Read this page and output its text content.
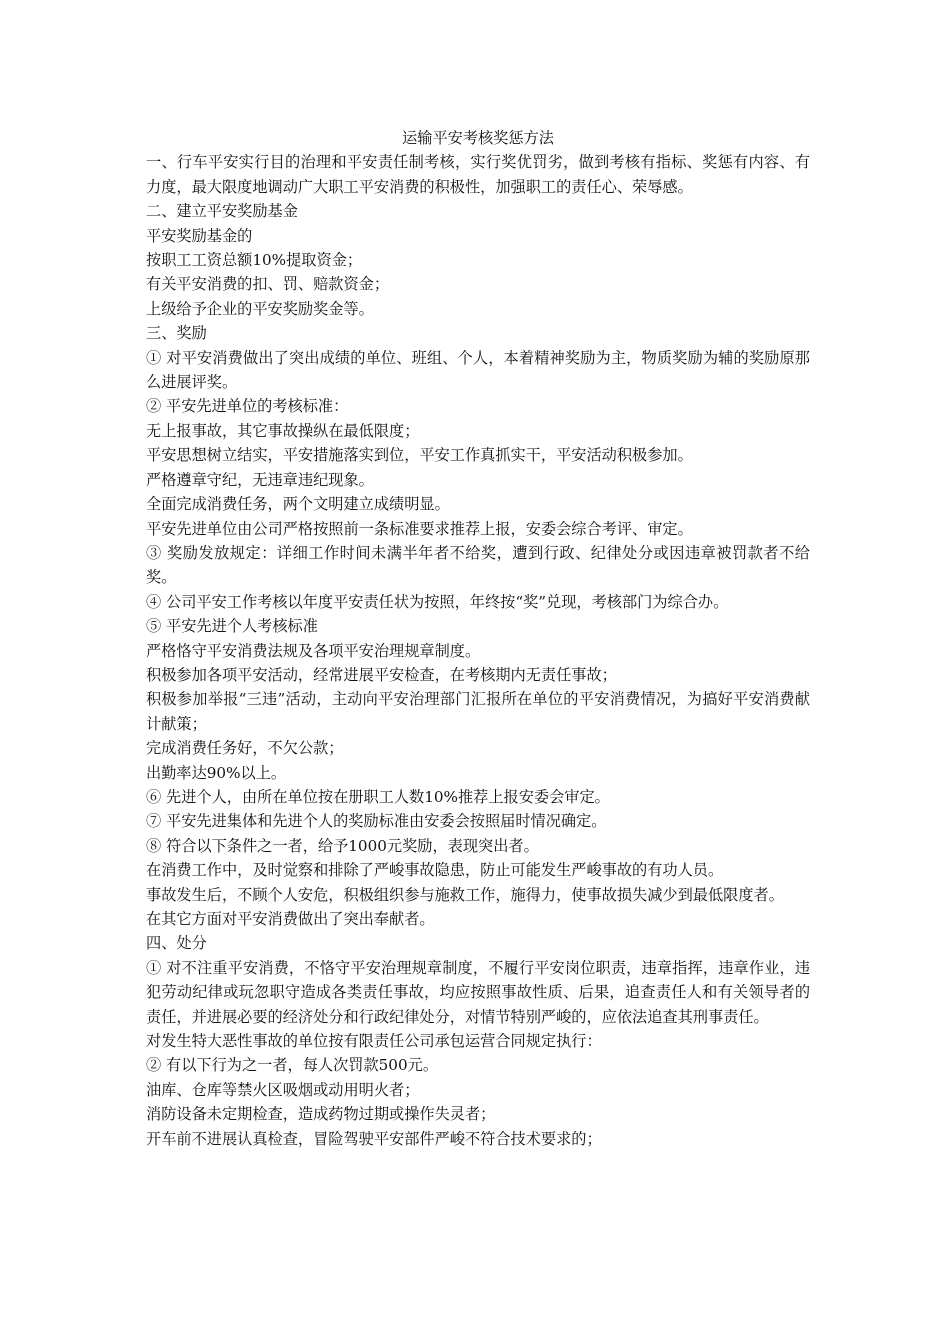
运输平安考核奖惩方法

一、行车平安实行目的治理和平安责任制考核，实行奖优罚劣，做到考核有指标、奖惩有内容、有力度，最大限度地调动广大职工平安消费的积极性，加强职工的责任心、荣辱感。

二、建立平安奖励基金

平安奖励基金的

按职工工资总额10%提取资金；

有关平安消费的扣、罚、赔款资金；

上级给予企业的平安奖励奖金等。

三、奖励

① 对平安消费做出了突出成绩的单位、班组、个人，本着精神奖励为主，物质奖励为辅的奖励原那么进展评奖。

② 平安先进单位的考核标准：

无上报事故，其它事故操纵在最低限度；

平安思想树立结实，平安措施落实到位，平安工作真抓实干，平安活动积极参加。

严格遵章守纪，无违章违纪现象。

全面完成消费任务，两个文明建立成绩明显。

平安先进单位由公司严格按照前一条标准要求推荐上报，安委会综合考评、审定。

③ 奖励发放规定：详细工作时间未满半年者不给奖，遭到行政、纪律处分或因违章被罚款者不给奖。

④ 公司平安工作考核以年度平安责任状为按照，年终按“奖”兑现，考核部门为综合办。

⑤ 平安先进个人考核标准

严格恪守平安消费法规及各项平安治理规章制度。

积极参加各项平安活动，经常进展平安检查，在考核期内无责任事故；

积极参加举报“三违”活动，主动向平安治理部门汇报所在单位的平安消费情况，为搞好平安消费献计献策；

完成消费任务好，不欠公款；

出勤率达90%以上。

⑥ 先进个人，由所在单位按在册职工人数10%推荐上报安委会审定。

⑦ 平安先进集体和先进个人的奖励标准由安委会按照届时情况确定。

⑧ 符合以下条件之一者，给予1000元奖励，表现突出者。

在消费工作中，及时觉察和排除了严峻事故隐患，防止可能发生严峻事故的有功人员。

事故发生后，不顾个人安危，积极组织参与施救工作，施得力，使事故损失减少到最低限度者。

在其它方面对平安消费做出了突出奉献者。

四、处分

① 对不注重平安消费，不恪守平安治理规章制度，不履行平安岗位职责，违章指挥，违章作业，违犯劳动纪律或玩忽职守造成各类责任事故，均应按照事故性质、后果，追查责任人和有关领导者的责任，并进展必要的经济处分和行政纪律处分，对情节特别严峻的，应依法追查其刑事责任。

对发生特大恶性事故的单位按有限责任公司承包运营合同规定执行：

② 有以下行为之一者，每人次罚款500元。

油库、仓库等禁火区吸烟或动用明火者；

消防设备未定期检查，造成药物过期或操作失灵者；

开车前不进展认真检查，冒险驾驶平安部件严峻不符合技术要求的；
